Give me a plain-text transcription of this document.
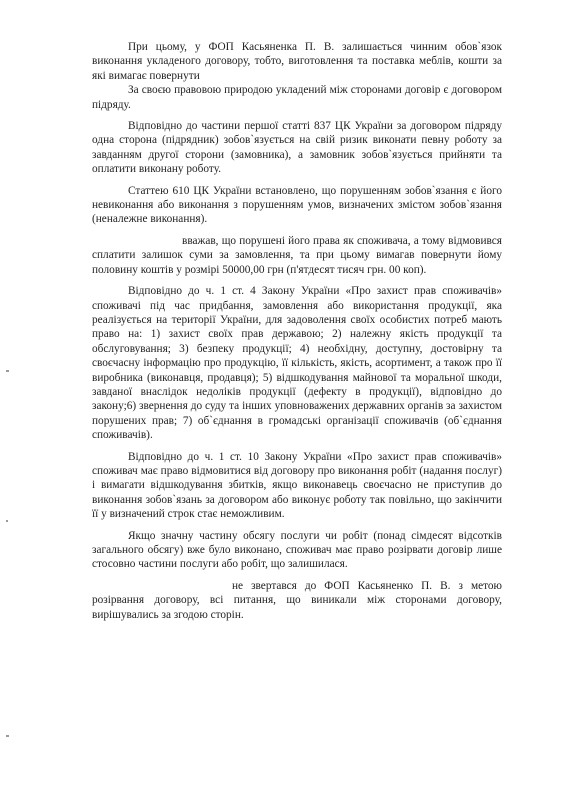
При цьому, у ФОП Касьяненка П. В. залишається чинним обов`язок виконання укладеного договору, тобто, виготовлення та поставка меблів, кошти за які вимагає повернути

За своєю правовою природою укладений між сторонами договір є договором підряду.

Відповідно до частини першої статті 837 ЦК України за договором підряду одна сторона (підрядник) зобов`язується на свій ризик виконати певну роботу за завданням другої сторони (замовника), а замовник зобов`язується прийняти та оплатити виконану роботу.

Статтею 610 ЦК України встановлено, що порушенням зобов`язання є його невиконання або виконання з порушенням умов, визначених змістом зобов`язання (неналежне виконання).

вважав, що порушені його права як споживача, а тому відмовився сплатити залишок суми за замовлення, та при цьому вимагав повернути йому половину коштів у розмірі 50000,00 грн (п'ятдесят тисяч грн. 00 коп).

Відповідно до ч. 1 ст. 4 Закону України «Про захист прав споживачів» споживачі під час придбання, замовлення або використання продукції, яка реалізується на території України, для задоволення своїх особистих потреб мають право на: 1) захист своїх прав державою; 2) належну якість продукції та обслуговування; 3) безпеку продукції; 4) необхідну, доступну, достовірну та своєчасну інформацію про продукцію, її кількість, якість, асортимент, а також про її виробника (виконавця, продавця); 5) відшкодування майнової та моральної шкоди, завданої внаслідок недоліків продукції (дефекту в продукції), відповідно до закону;6) звернення до суду та інших уповноважених державних органів за захистом порушених прав; 7) об`єднання в громадські організації споживачів (об`єднання споживачів).

Відповідно до ч. 1 ст. 10 Закону України «Про захист прав споживачів» споживач має право відмовитися від договору про виконання робіт (надання послуг) і вимагати відшкодування збитків, якщо виконавець своєчасно не приступив до виконання зобов`язань за договором або виконує роботу так повільно, що закінчити її у визначений строк стає неможливим.

Якщо значну частину обсягу послуги чи робіт (понад сімдесят відсотків загального обсягу) вже було виконано, споживач має право розірвати договір лише стосовно частини послуги або робіт, що залишилася.

не звертався до ФОП Касьяненко П. В. з метою розірвання договору, всі питання, що виникали між сторонами договору, вирішувались за згодою сторін.
